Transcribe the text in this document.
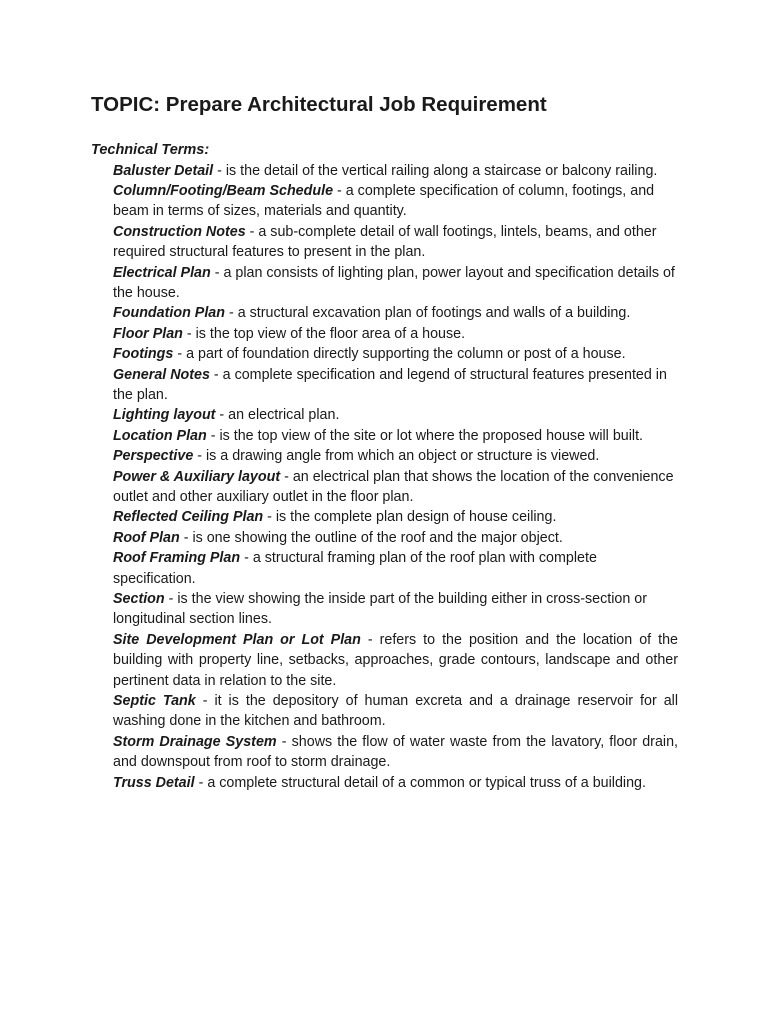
TOPIC: Prepare Architectural Job Requirement
Technical Terms:
Baluster Detail - is the detail of the vertical railing along a staircase or balcony railing.
Column/Footing/Beam Schedule - a complete specification of column, footings, and beam in terms of sizes, materials and quantity.
Construction Notes - a sub-complete detail of wall footings, lintels, beams, and other required structural features to present in the plan.
Electrical Plan - a plan consists of lighting plan, power layout and specification details of the house.
Foundation Plan - a structural excavation plan of footings and walls of a building.
Floor Plan - is the top view of the floor area of a house.
Footings - a part of foundation directly supporting the column or post of a house.
General Notes - a complete specification and legend of structural features presented in the plan.
Lighting layout - an electrical plan.
Location Plan - is the top view of the site or lot where the proposed house will built.
Perspective - is a drawing angle from which an object or structure is viewed.
Power & Auxiliary layout - an electrical plan that shows the location of the convenience outlet and other auxiliary outlet in the floor plan.
Reflected Ceiling Plan - is the complete plan design of house ceiling.
Roof Plan - is one showing the outline of the roof and the major object.
Roof Framing Plan - a structural framing plan of the roof plan with complete specification.
Section - is the view showing the inside part of the building either in cross-section or longitudinal section lines.
Site Development Plan or Lot Plan - refers to the position and the location of the building with property line, setbacks, approaches, grade contours, landscape and other pertinent data in relation to the site.
Septic Tank - it is the depository of human excreta and a drainage reservoir for all washing done in the kitchen and bathroom.
Storm Drainage System - shows the flow of water waste from the lavatory, floor drain, and downspout from roof to storm drainage.
Truss Detail - a complete structural detail of a common or typical truss of a building.
